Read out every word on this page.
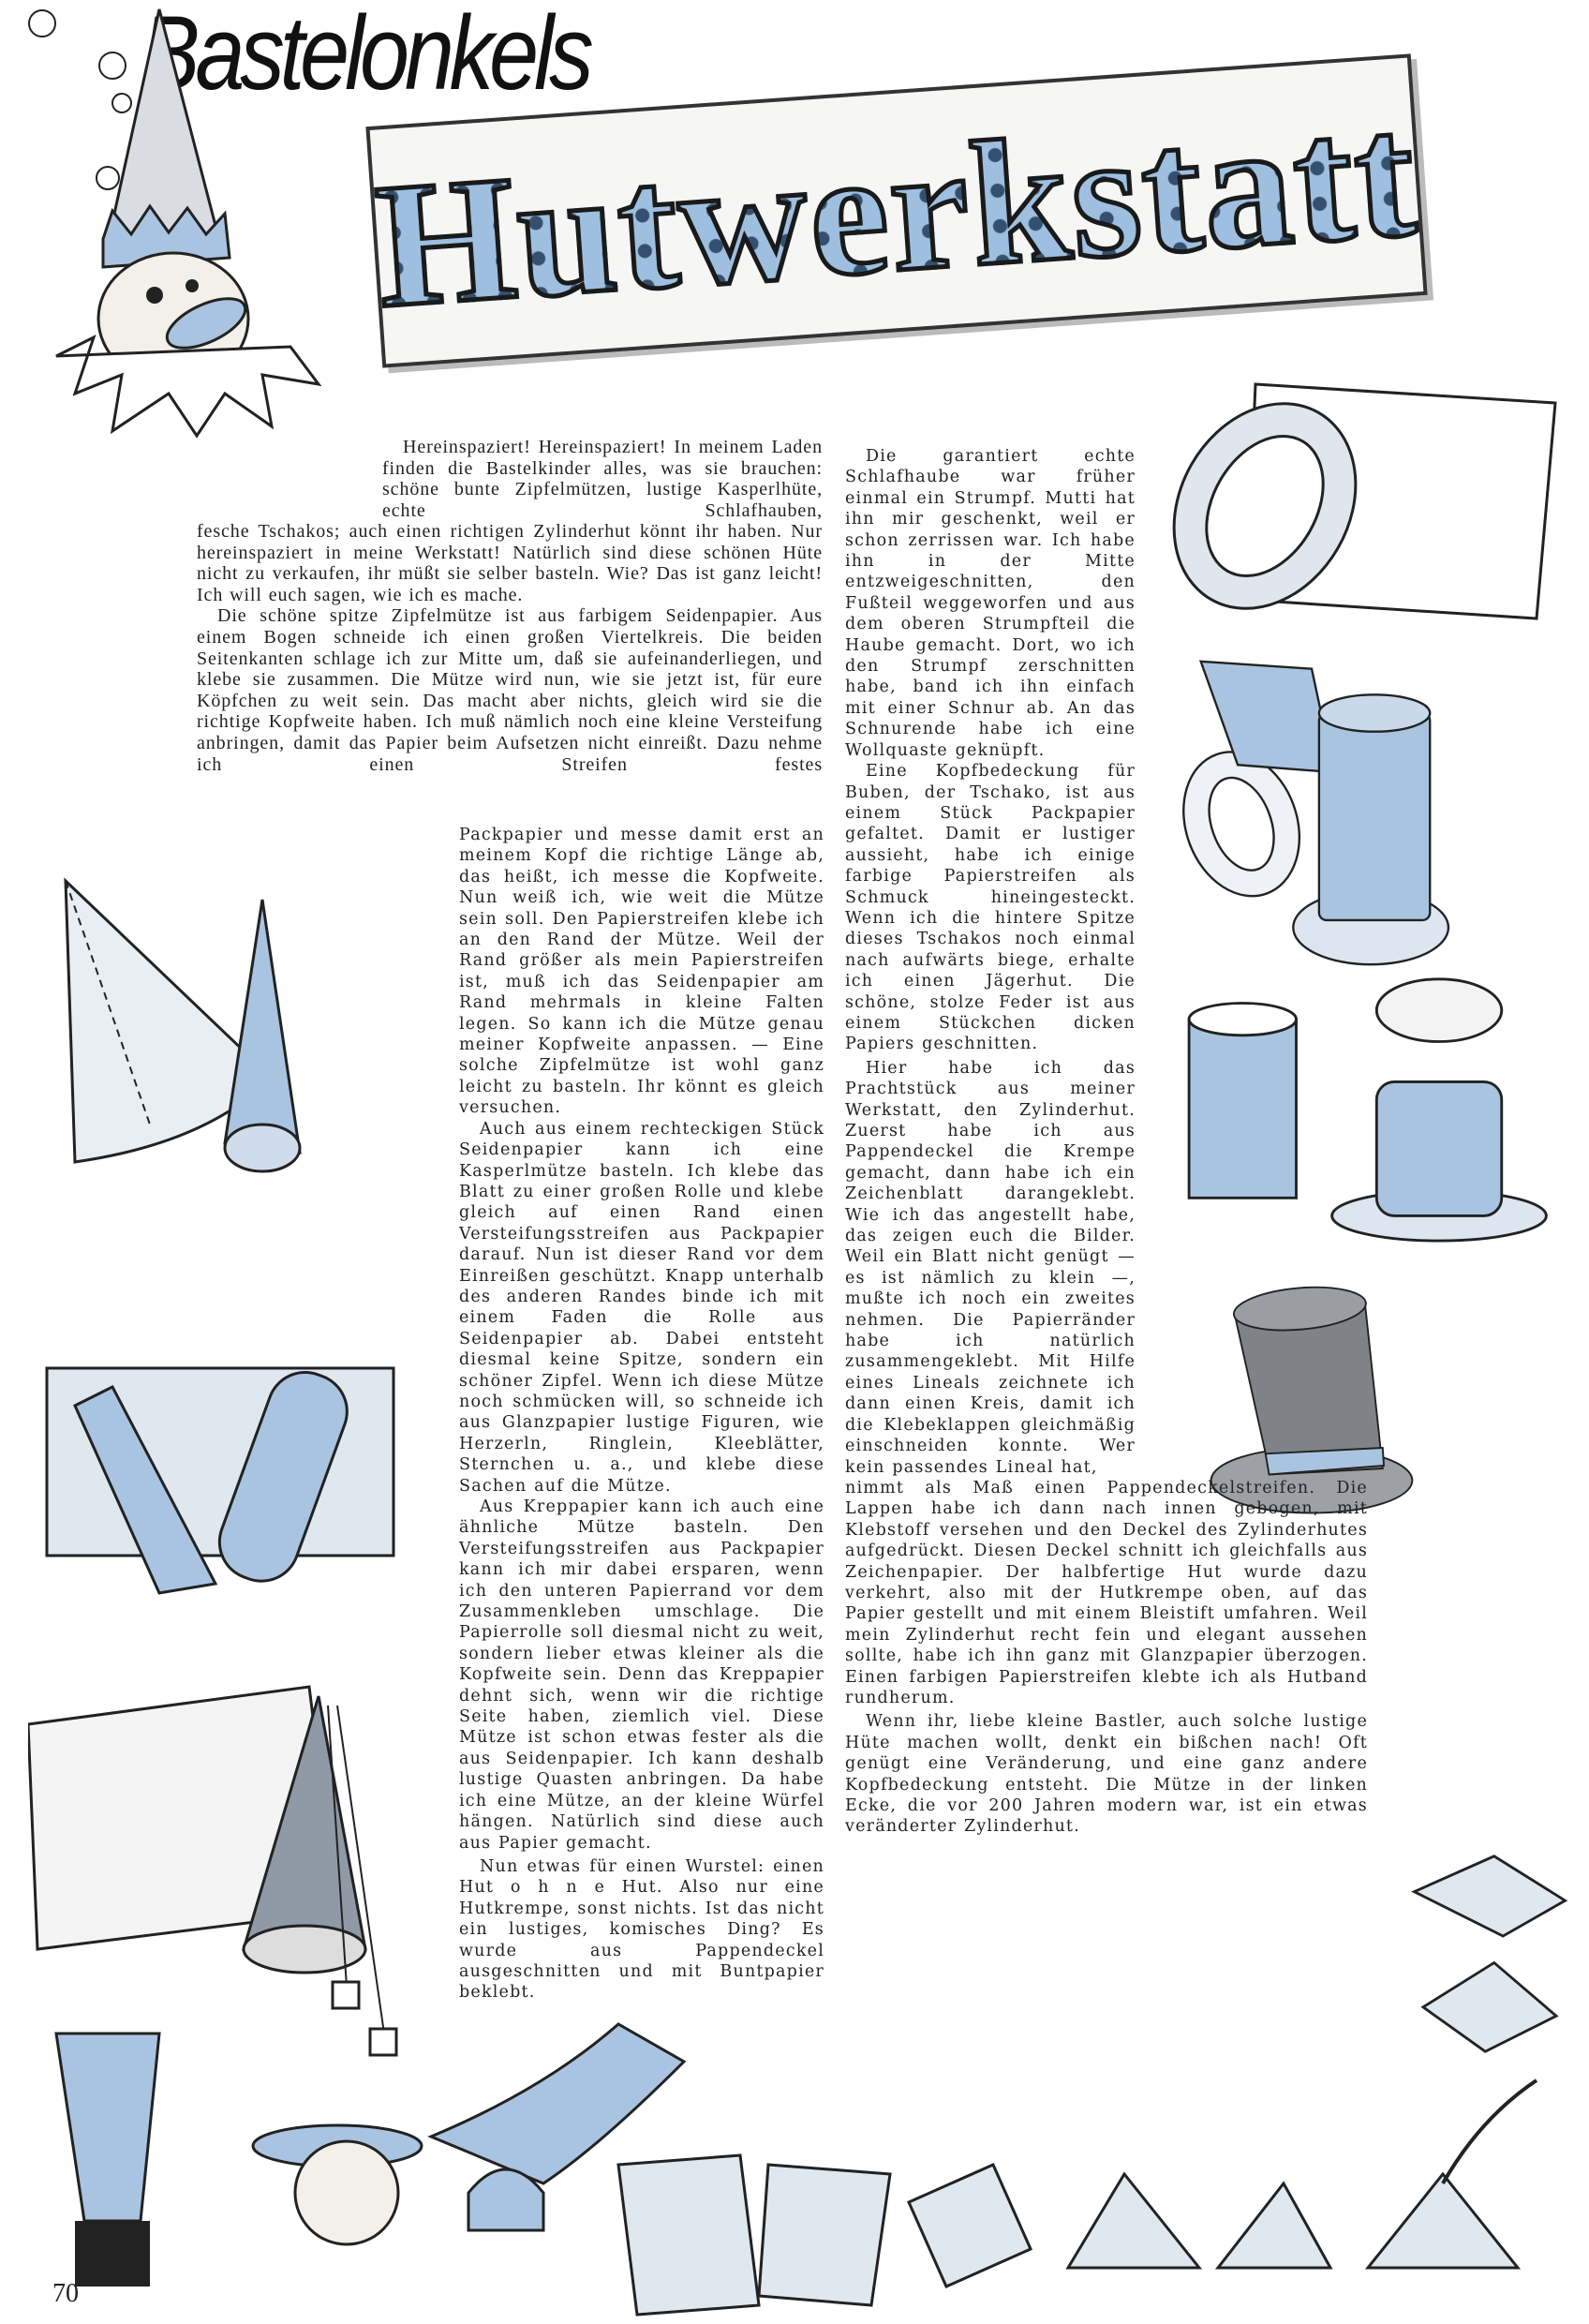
Bastelonkels
Hutwerkstatt

Hereinspaziert! Hereinspaziert! In meinem Laden finden die Bastelkinder alles, was sie brauchen: schöne bunte Zipfelmützen, lustige Kasperlhüte, echte Schlafhauben,

fesche Tschakos; auch einen richtigen Zylinderhut könnt ihr haben. Nur hereinspaziert in meine Werkstatt! Natürlich sind diese schönen Hüte nicht zu verkaufen, ihr müßt sie selber basteln. Wie? Das ist ganz leicht! Ich will euch sagen, wie ich es mache.

Die schöne spitze Zipfelmütze ist aus farbigem Seidenpapier. Aus einem Bogen schneide ich einen großen Viertelkreis. Die beiden Seitenkanten schlage ich zur Mitte um, daß sie aufeinanderliegen, und klebe sie zusammen. Die Mütze wird nun, wie sie jetzt ist, für eure Köpfchen zu weit sein. Das macht aber nichts, gleich wird sie die richtige Kopfweite haben. Ich muß nämlich noch eine kleine Versteifung anbringen, damit das Papier beim Aufsetzen nicht einreißt. Dazu nehme ich einen Streifen festes

Packpapier und messe damit erst an meinem Kopf die richtige Länge ab, das heißt, ich messe die Kopfweite. Nun weiß ich, wie weit die Mütze sein soll. Den Papierstreifen klebe ich an den Rand der Mütze. Weil der Rand größer als mein Papierstreifen ist, muß ich das Seidenpapier am Rand mehrmals in kleine Falten legen. So kann ich die Mütze genau meiner Kopfweite anpassen. — Eine solche Zipfelmütze ist wohl ganz leicht zu basteln. Ihr könnt es gleich versuchen.

Auch aus einem rechteckigen Stück Seidenpapier kann ich eine Kasperlmütze basteln. Ich klebe das Blatt zu einer großen Rolle und klebe gleich auf einen Rand einen Versteifungsstreifen aus Packpapier darauf. Nun ist dieser Rand vor dem Einreißen geschützt. Knapp unterhalb des anderen Randes binde ich mit einem Faden die Rolle aus Seidenpapier ab. Dabei entsteht diesmal keine Spitze, sondern ein schöner Zipfel. Wenn ich diese Mütze noch schmücken will, so schneide ich aus Glanzpapier lustige Figuren, wie Herzerln, Ringlein, Kleeblätter, Sternchen u. a., und klebe diese Sachen auf die Mütze.

Aus Kreppapier kann ich auch eine ähnliche Mütze basteln. Den Versteifungsstreifen aus Packpapier kann ich mir dabei ersparen, wenn ich den unteren Papierrand vor dem Zusammenkleben umschlage. Die Papierrolle soll diesmal nicht zu weit, sondern lieber etwas kleiner als die Kopfweite sein. Denn das Kreppapier dehnt sich, wenn wir die richtige Seite haben, ziemlich viel. Diese Mütze ist schon etwas fester als die aus Seidenpapier. Ich kann deshalb lustige Quasten anbringen. Da habe ich eine Mütze, an der kleine Würfel hängen. Natürlich sind diese auch aus Papier gemacht.

Nun etwas für einen Wurstel: einen Hut o h n e Hut. Also nur eine Hutkrempe, sonst nichts. Ist das nicht ein lustiges, komisches Ding? Es wurde aus Pappendeckel ausgeschnitten und mit Buntpapier beklebt.

Die garantiert echte Schlafhaube war früher einmal ein Strumpf. Mutti hat ihn mir geschenkt, weil er schon zerrissen war. Ich habe ihn in der Mitte entzweigeschnitten, den Fußteil weggeworfen und aus dem oberen Strumpfteil die Haube gemacht. Dort, wo ich den Strumpf zerschnitten habe, band ich ihn einfach mit einer Schnur ab. An das Schnurende habe ich eine Wollquaste geknüpft.

Eine Kopfbedeckung für Buben, der Tschako, ist aus einem Stück Packpapier gefaltet. Damit er lustiger aussieht, habe ich einige farbige Papierstreifen als Schmuck hineingesteckt. Wenn ich die hintere Spitze dieses Tschakos noch einmal nach aufwärts biege, erhalte ich einen Jägerhut. Die schöne, stolze Feder ist aus einem Stückchen dicken Papiers geschnitten.

Hier habe ich das Prachtstück aus meiner Werkstatt, den Zylinderhut. Zuerst habe ich aus Pappendeckel die Krempe gemacht, dann habe ich ein Zeichenblatt darangeklebt. Wie ich das angestellt habe, das zeigen euch die Bilder. Weil ein Blatt nicht genügt — es ist nämlich zu klein —, mußte ich noch ein zweites nehmen. Die Papierränder habe ich natürlich zusammengeklebt. Mit Hilfe eines Lineals zeichnete ich dann einen Kreis, damit ich die Klebeklappen gleichmäßig einschneiden konnte. Wer kein passendes Lineal hat,

nimmt als Maß einen Pappendeckelstreifen. Die Lappen habe ich dann nach innen gebogen, mit Klebstoff versehen und den Deckel des Zylinderhutes aufgedrückt. Diesen Deckel schnitt ich gleichfalls aus Zeichenpapier. Der halbfertige Hut wurde dazu verkehrt, also mit der Hutkrempe oben, auf das Papier gestellt und mit einem Bleistift umfahren. Weil mein Zylinderhut recht fein und elegant aussehen sollte, habe ich ihn ganz mit Glanzpapier überzogen. Einen farbigen Papierstreifen klebte ich als Hutband rundherum.

Wenn ihr, liebe kleine Bastler, auch solche lustige Hüte machen wollt, denkt ein bißchen nach! Oft genügt eine Veränderung, und eine ganz andere Kopfbedeckung entsteht. Die Mütze in der linken Ecke, die vor 200 Jahren modern war, ist ein etwas veränderter Zylinderhut.

70
